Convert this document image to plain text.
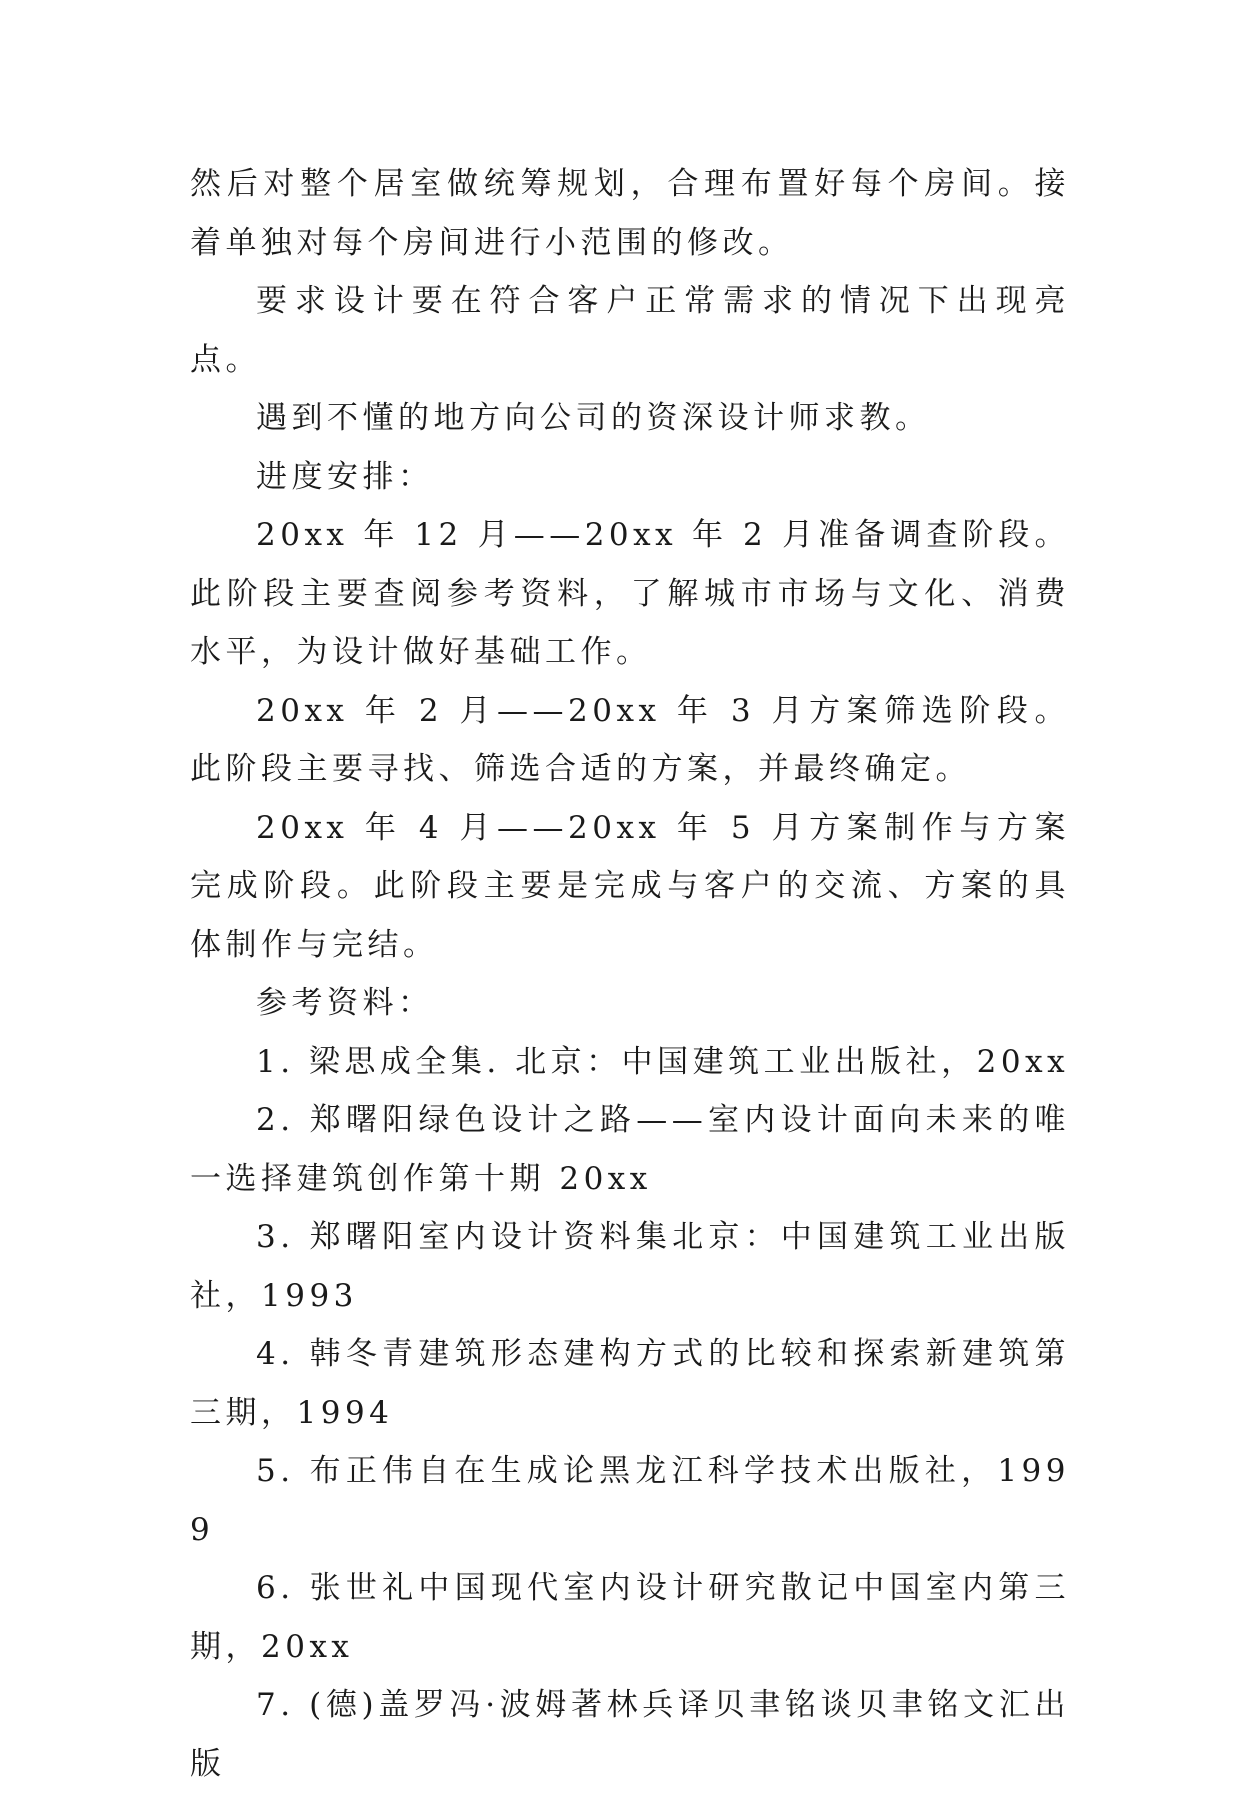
然后对整个居室做统筹规划，合理布置好每个房间。接着单独对每个房间进行小范围的修改。

要求设计要在符合客户正常需求的情况下出现亮点。

遇到不懂的地方向公司的资深设计师求教。

进度安排：

20xx 年 12 月——20xx 年 2 月准备调查阶段。此阶段主要查阅参考资料，了解城市市场与文化、消费水平，为设计做好基础工作。

20xx 年 2 月——20xx 年 3 月方案筛选阶段。此阶段主要寻找、筛选合适的方案，并最终确定。

20xx 年 4 月——20xx 年 5 月方案制作与方案完成阶段。此阶段主要是完成与客户的交流、方案的具体制作与完结。

参考资料：

1. 梁思成全集. 北京：中国建筑工业出版社，20xx

2. 郑曙阳绿色设计之路——室内设计面向未来的唯一选择建筑创作第十期 20xx

3. 郑曙阳室内设计资料集北京：中国建筑工业出版社，1993

4. 韩冬青建筑形态建构方式的比较和探索新建筑第三期，1994

5. 布正伟自在生成论黑龙江科学技术出版社，1999

6. 张世礼中国现代室内设计研究散记中国室内第三期，20xx

7. (德)盖罗冯·波姆著林兵译贝聿铭谈贝聿铭文汇出版
